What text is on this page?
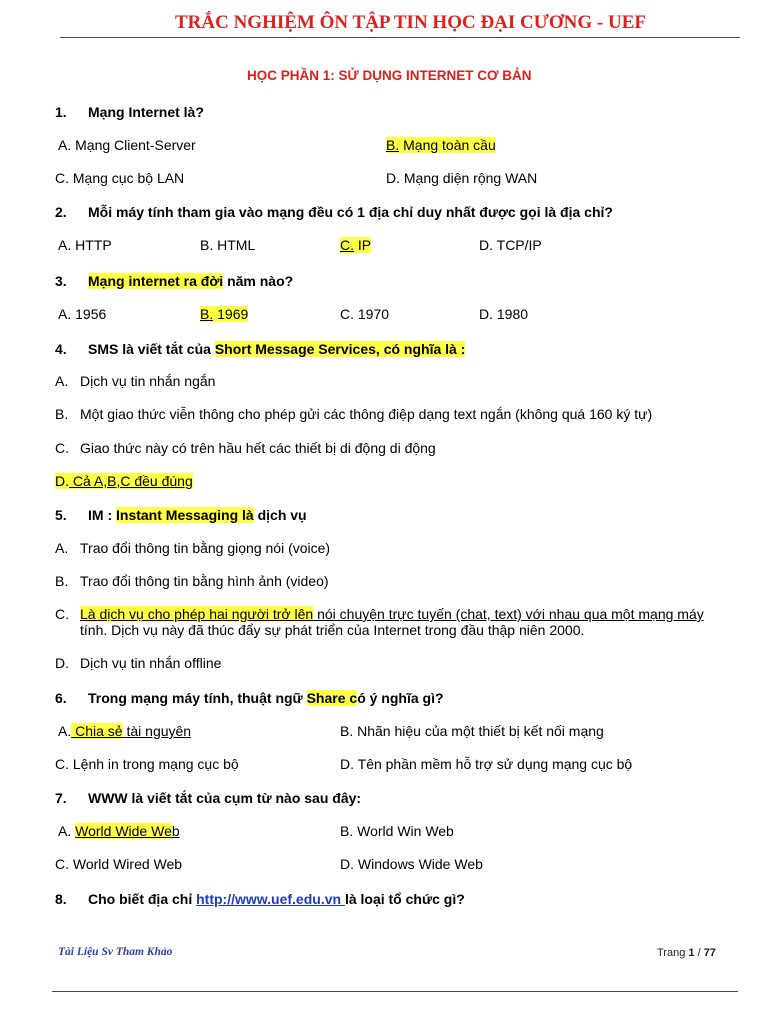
TRẮC NGHIỆM ÔN TẬP TIN HỌC ĐẠI CƯƠNG - UEF
HỌC PHẦN 1: SỬ DỤNG INTERNET CƠ BẢN
1. Mạng Internet là?
A. Mạng Client-Server	B. Mạng toàn cầu
C. Mạng cục bộ LAN	D. Mạng diện rộng WAN
2. Mỗi máy tính tham gia vào mạng đều có 1 địa chỉ duy nhất được gọi là địa chỉ?
A. HTTP	B. HTML	C. IP	D. TCP/IP
3. Mạng internet ra đời năm nào?
A. 1956	B. 1969	C. 1970	D. 1980
4. SMS là viết tắt của Short Message Services, có nghĩa là :
A. Dịch vụ tin nhắn ngắn
B. Một giao thức viễn thông cho phép gửi các thông điệp dạng text ngắn (không quá 160 ký tự)
C. Giao thức này có trên hầu hết các thiết bị di động di động
D. Cả A,B,C đều đúng
5. IM : Instant Messaging là dịch vụ
A. Trao đổi thông tin bằng giọng nói (voice)
B. Trao đổi thông tin bằng hình ảnh (video)
C. Là dịch vụ cho phép hai người trở lên nói chuyện trực tuyến (chat, text) với nhau qua một mạng máy
tính. Dịch vụ này đã thúc đẩy sự phát triển của Internet trong đầu thập niên 2000.
D. Dịch vụ tin nhắn offline
6. Trong mạng máy tính, thuật ngữ Share có ý nghĩa gì?
A. Chia sẻ tài nguyên	B. Nhãn hiệu của một thiết bị kết nối mạng
C. Lệnh in trong mạng cục bộ	D. Tên phần mềm hỗ trợ sử dụng mạng cục bộ
7. WWW là viết tắt của cụm từ nào sau đây:
A. World Wide Web	B. World Win Web
C. World Wired Web	D. Windows Wide Web
8. Cho biết địa chỉ http://www.uef.edu.vn là loại tổ chức gì?
Tài Liệu Sv Tham Khảo	Trang 1 / 77
